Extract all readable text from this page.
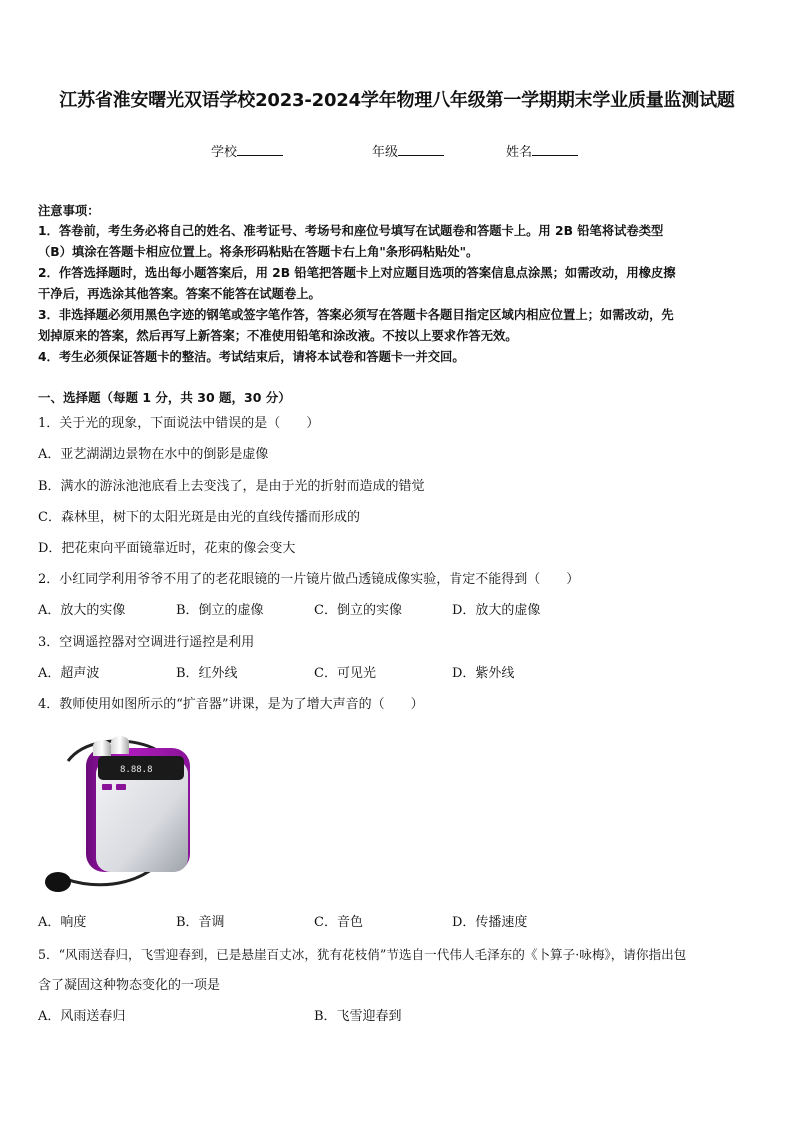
江苏省淮安曙光双语学校2023-2024学年物理八年级第一学期期末学业质量监测试题
学校	年级	姓名
注意事项：
1．答卷前，考生务必将自己的姓名、准考证号、考场号和座位号填写在试题卷和答题卡上。用 2B 铅笔将试卷类型
（B）填涂在答题卡相应位置上。将条形码粘贴在答题卡右上角"条形码粘贴处"。
2．作答选择题时，选出每小题答案后，用 2B 铅笔把答题卡上对应题目选项的答案信息点涂黑；如需改动，用橡皮擦
干净后，再选涂其他答案。答案不能答在试题卷上。
3．非选择题必须用黑色字迹的钢笔或签字笔作答，答案必须写在答题卡各题目指定区域内相应位置上；如需改动，先
划掉原来的答案，然后再写上新答案；不准使用铅笔和涂改液。不按以上要求作答无效。
4．考生必须保证答题卡的整洁。考试结束后，请将本试卷和答题卡一并交回。
一、选择题（每题 1 分，共 30 题，30 分）
1．关于光的现象，下面说法中错误的是（　　）
A．亚艺湖湖边景物在水中的倒影是虚像
B．满水的游泳池池底看上去变浅了，是由于光的折射而造成的错觉
C．森林里，树下的太阳光斑是由光的直线传播而形成的
D．把花束向平面镜靠近时，花束的像会变大
2．小红同学利用爷爷不用了的老花眼镜的一片镜片做凸透镜成像实验，肯定不能得到（　　）
A．放大的实像	B．倒立的虚像	C．倒立的实像	D．放大的虚像
3．空调遥控器对空调进行遥控是利用
A．超声波	B．红外线	C．可见光	D．紫外线
4．教师使用如图所示的“扩音器”讲课，是为了增大声音的（　　）
8.88.8
A．响度	B．音调	C．音色	D．传播速度
5．“风雨送春归，飞雪迎春到，已是悬崖百丈冰，犹有花枝俏”节选自一代伟人毛泽东的《卜算子·咏梅》，请你指出包
含了凝固这种物态变化的一项是
A．风雨送春归	B．飞雪迎春到
